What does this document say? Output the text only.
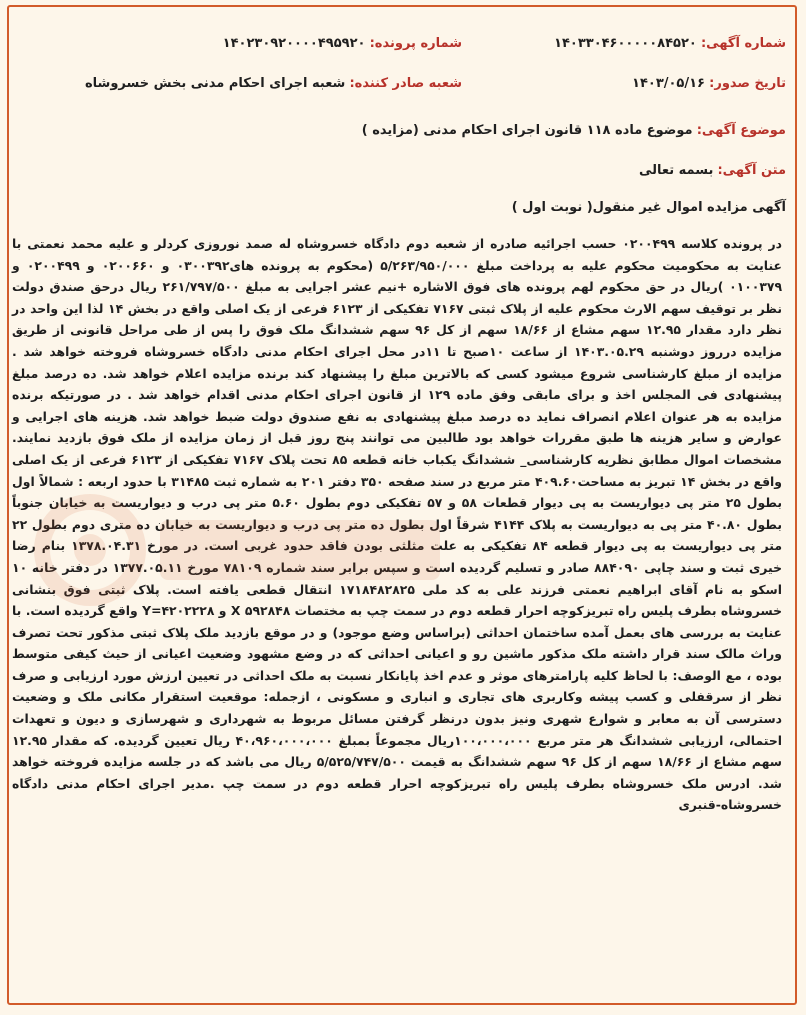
شماره آگهی: ۱۴۰۳۳۰۴۶۰۰۰۰۰۸۴۵۲۰
شماره پرونده: ۱۴۰۲۳۰۹۲۰۰۰۰۴۹۵۹۲۰
تاریخ صدور: ۱۴۰۳/۰۵/۱۶
شعبه صادر کننده: شعبه اجرای احکام مدنی بخش خسروشاه
موضوع آگهی: موضوع ماده ۱۱۸ قانون اجرای احکام مدنی (مزایده )
متن آگهی: بسمه تعالی
آگهی مزایده اموال غیر منقول( نوبت اول )

در پرونده کلاسه ۰۲۰۰۴۹۹ حسب اجرائیه صادره از شعبه دوم دادگاه خسروشاه له صمد نوروزی کردلر و علیه محمد نعمتی با عنایت به محکومیت محکوم علیه به پرداخت مبلغ ۵/۲۶۳/۹۵۰/۰۰۰ (محکوم به پرونده های۰۳۰۰۳۹۲ و ۰۲۰۰۶۶۰ و ۰۲۰۰۴۹۹ و ۰۱۰۰۳۷۹ )ریال در حق محکوم لهم پرونده های فوق الاشاره +نیم عشر اجرایی به مبلغ ۲۶۱/۷۹۷/۵۰۰ ریال درحق صندق دولت نظر بر توقیف سهم الارث محکوم علیه از پلاک ثبتی ۷۱۶۷ تفکیکی از ۶۱۲۳ فرعی از یک اصلی واقع در بخش ۱۴ لذا این واحد در نظر دارد مقدار ۱۲.۹۵ سهم مشاع از ۱۸/۶۶ سهم از کل ۹۶ سهم ششدانگ ملک فوق را پس از طی مراحل قانونی از طریق مزایده درروز دوشنبه ۱۴۰۳.۰۵.۲۹ از ساعت ۱۰صبح تا ۱۱در محل اجرای احکام مدنی دادگاه خسروشاه فروخته خواهد شد . مزایده از مبلغ کارشناسی شروع میشود کسی که بالاترین مبلغ را پیشنهاد کند برنده مزایده اعلام خواهد شد. ده درصد مبلغ پیشنهادی فی المجلس اخذ و برای مابقی وفق ماده ۱۲۹ از قانون اجرای احکام مدنی اقدام خواهد شد . در صورتیکه برنده مزایده به هر عنوان اعلام انصراف نماید ده درصد مبلغ پیشنهادی به نفع صندوق دولت ضبط خواهد شد. هزینه های اجرایی و عوارض و سایر هزینه ها طبق مقررات خواهد بود طالبین می توانند پنج روز قبل از زمان مزایده از ملک فوق بازدید نمایند. مشخصات اموال مطابق نظریه کارشناسی_ ششدانگ یکباب خانه قطعه ۸۵ تحت پلاک ۷۱۶۷ تفکیکی از ۶۱۲۳ فرعی از یک اصلی واقع در بخش ۱۴ تبریز به مساحت۴۰۹.۶۰ متر مربع در سند صفحه ۳۵۰ دفتر ۲۰۱ به شماره ثبت ۳۱۴۸۵ با حدود اربعه : شمالاً اول بطول ۲۵ متر پی دیواریست به پی دیوار قطعات ۵۸ و ۵۷ تفکیکی دوم بطول ۵.۶۰ متر پی درب و دیواریست به خیابان جنوباً بطول ۴۰.۸۰ متر پی به دیواریست به پلاک ۴۱۴۴ شرقاً اول بطول ده متر پی درب و دیواریست به خیابان ده متری دوم بطول ۲۲ متر پی دیواریست به پی دیوار قطعه ۸۴ تفکیکی به علت مثلثی بودن فاقد حدود غربی است. در مورخ ۱۳۷۸.۰۴.۳۱ بنام رضا خیری ثبت و سند چاپی ۸۸۴۰۹۰ صادر و تسلیم گردیده است و سپس برابر سند شماره ۷۸۱۰۹ مورخ ۱۳۷۷.۰۵.۱۱ در دفتر خانه ۱۰ اسکو به نام آقای ابراهیم نعمتی فرزند علی به کد ملی ۱۷۱۸۴۸۲۸۲۵ انتقال قطعی یافته است. پلاک ثبتی فوق بنشانی خسروشاه بطرف پلیس راه تبریزکوچه احرار قطعه دوم در سمت چپ به مختصات X ۵۹۲۸۴۸ و Y=۴۲۰۲۲۲۸ واقع گردیده است. با عنایت به بررسی های بعمل آمده ساختمان احداثی (براساس وضع موجود) و در موقع بازدید ملک پلاک ثبتی مذکور تحت تصرف وراث مالک سند قرار داشته ملک مذکور ماشین رو و اعیانی احداثی که در وضع مشهود وضعیت اعیانی از حیث کیفی متوسط بوده ، مع الوصف: با لحاظ کلیه پارامترهای موثر و عدم اخذ پایانکار نسبت به ملک احداثی در تعیین ارزش مورد ارزیابی و صرف نظر از سرقفلی و کسب پیشه وکاربری های تجاری و انباری و مسکونی ، ازجمله: موقعیت استقرار مکانی ملک و وضعیت دسترسی آن به معابر و شوارع شهری ونیز بدون درنظر گرفتن مسائل مربوط به شهرداری و شهرسازی و دیون و تعهدات احتمالی، ارزیابی ششدانگ هر متر مربع ۱۰۰،۰۰۰،۰۰۰ریال مجموعاً بمبلغ ۴۰،۹۶۰،۰۰۰،۰۰۰ ریال تعیین گردیده. که مقدار ۱۲.۹۵ سهم مشاع از ۱۸/۶۶ سهم از کل ۹۶ سهم ششدانگ به قیمت ۵/۵۲۵/۷۴۷/۵۰۰ ریال می باشد که در جلسه مزایده فروخته خواهد شد. ادرس ملک خسروشاه بطرف پلیس راه تبریزکوچه احرار قطعه دوم در سمت چپ .مدیر اجرای احکام مدنی دادگاه خسروشاه-قنبری
